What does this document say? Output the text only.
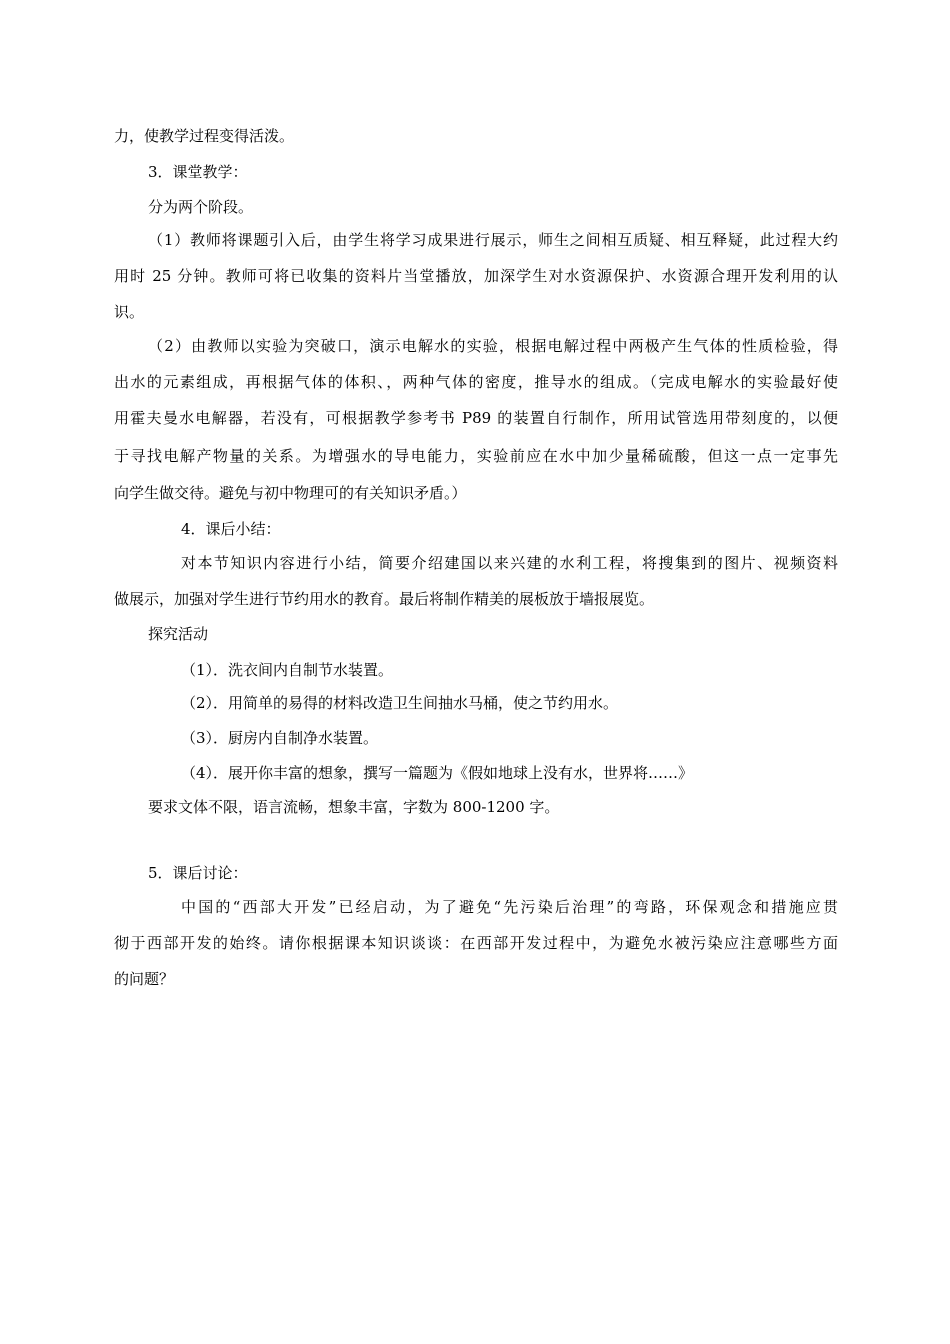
力，使教学过程变得活泼。
3．课堂教学：
分为两个阶段。
（1）教师将课题引入后，由学生将学习成果进行展示，师生之间相互质疑、相互释疑，此过程大约
用时 25 分钟。教师可将已收集的资料片当堂播放，加深学生对水资源保护、水资源合理开发利用的认
识。
（2）由教师以实验为突破口，演示电解水的实验，根据电解过程中两极产生气体的性质检验，得
出水的元素组成，再根据气体的体积、，两种气体的密度，推导水的组成。（完成电解水的实验最好使
用霍夫曼水电解器，若没有，可根据教学参考书 P89 的装置自行制作，所用试管选用带刻度的，以便
于寻找电解产物量的关系。为增强水的导电能力，实验前应在水中加少量稀硫酸，但这一点一定事先
向学生做交待。避免与初中物理可的有关知识矛盾。）
4．课后小结：
对本节知识内容进行小结，简要介绍建国以来兴建的水利工程，将搜集到的图片、视频资料
做展示，加强对学生进行节约用水的教育。最后将制作精美的展板放于墙报展览。
探究活动
（1）．洗衣间内自制节水装置。
（2）．用简单的易得的材料改造卫生间抽水马桶，使之节约用水。
（3）．厨房内自制净水装置。
（4）．展开你丰富的想象，撰写一篇题为《假如地球上没有水，世界将……》
要求文体不限，语言流畅，想象丰富，字数为 800-1200 字。
5．课后讨论：
中国的“西部大开发”已经启动，为了避免“先污染后治理”的弯路，环保观念和措施应贯
彻于西部开发的始终。请你根据课本知识谈谈：在西部开发过程中，为避免水被污染应注意哪些方面
的问题？
